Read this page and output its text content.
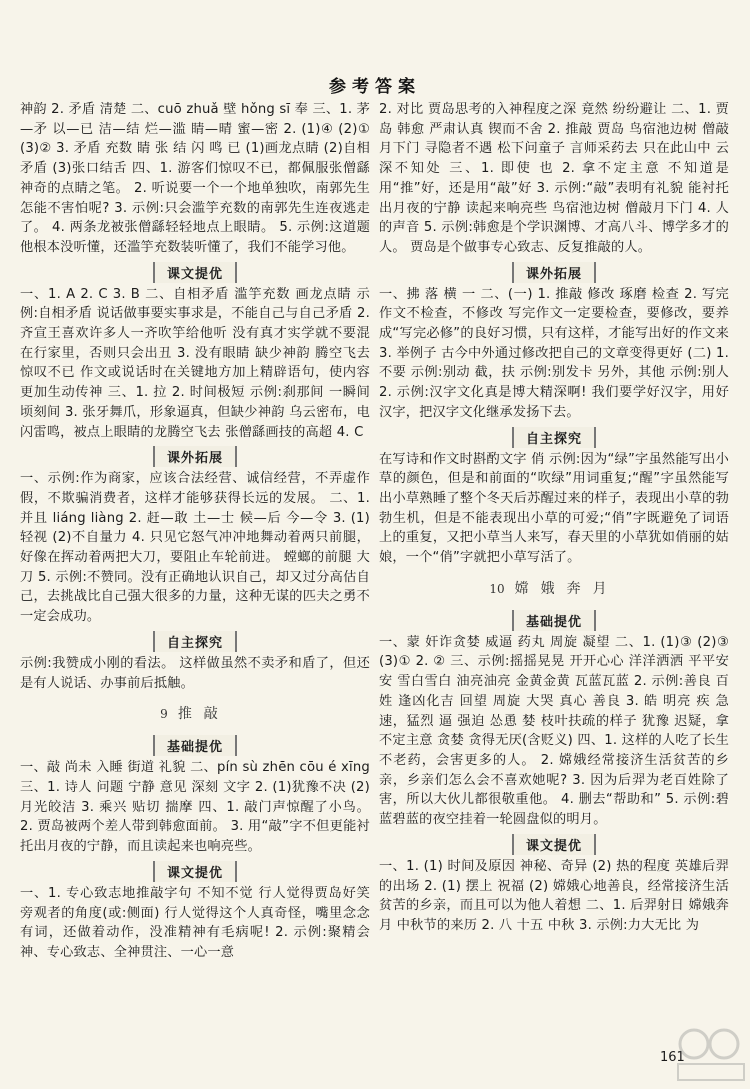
参考答案

神韵 2. 矛盾 清楚 二、cuō zhuǎ 壁 hǒng sī 奉 三、1. 茅—矛 以—已 洁—结 烂—滥 睛—晴 蜜—密 2. (1)④ (2)① (3)② 3. 矛盾 充数 睛 张 结 闪 鸣 已 (1)画龙点睛 (2)自相矛盾 (3)张口结舌 四、1. 游客们惊叹不已，都佩服张僧繇神奇的点睛之笔。 2. 听说要一个一个地单独吹，南郭先生怎能不害怕呢? 3. 示例:只会滥竽充数的南郭先生连夜逃走了。 4. 两条龙被张僧繇轻轻地点上眼睛。 5. 示例:这道题他根本没听懂，还滥竽充数装听懂了，我们不能学习他。

课文提优

一、1. A 2. C 3. B 二、自相矛盾 滥竽充数 画龙点睛 示例:自相矛盾 说话做事要实事求是，不能自己与自己矛盾 2. 齐宣王喜欢许多人一齐吹竽给他听 没有真才实学就不要混在行家里，否则只会出丑 3. 没有眼睛 缺少神韵 腾空飞去 惊叹不已 作文或说话时在关键地方加上精辟语句，使内容更加生动传神 三、1. 拉 2. 时间极短 示例:刹那间 一瞬间 顷刻间 3. 张牙舞爪，形象逼真，但缺少神韵 乌云密布，电闪雷鸣，被点上眼睛的龙腾空飞去 张僧繇画技的高超 4. C

课外拓展

一、示例:作为商家，应该合法经营、诚信经营，不弄虚作假，不欺骗消费者，这样才能够获得长远的发展。 二、1. 并且 liáng liàng 2. 赶—敢 土—士 候—后 今—令 3. (1)轻视 (2)不自量力 4. 只见它怒气冲冲地舞动着两只前腿，好像在挥动着两把大刀，要阻止车轮前进。 螳螂的前腿 大刀 5. 示例:不赞同。没有正确地认识自己，却又过分高估自己，去挑战比自己强大很多的力量，这种无谋的匹夫之勇不一定会成功。

自主探究

示例:我赞成小刚的看法。 这样做虽然不卖矛和盾了，但还是有人说话、办事前后抵触。

9 推敲
基础提优

一、敲 尚未 入睡 街道 礼貌 二、pín sù zhēn cōu é xīng 三、1. 诗人 问题 宁静 意见 深刻 文字 2. (1)犹豫不决 (2)月光皎洁 3. 乘兴 贴切 揣摩 四、1. 敲门声惊醒了小鸟。 2. 贾岛被两个差人带到韩愈面前。 3. 用“敲”字不但更能衬托出月夜的宁静，而且读起来也响亮些。

课文提优

一、1. 专心致志地推敲字句 不知不觉 行人觉得贾岛好笑 旁观者的角度(或:侧面) 行人觉得这个人真奇怪，嘴里念念有词，还做着动作，没准精神有毛病呢! 2. 示例:聚精会神、专心致志、全神贯注、一心一意

2. 对比 贾岛思考的入神程度之深 竟然 纷纷避让 二、1. 贾岛 韩愈 严肃认真 锲而不舍 2. 推敲 贾岛 鸟宿池边树 僧敲月下门 寻隐者不遇 松下问童子 言师采药去 只在此山中 云深不知处 三、1. 即使 也 2. 拿不定主意 不知道是用“推”好，还是用“敲”好 3. 示例:“敲”表明有礼貌 能衬托出月夜的宁静 读起来响亮些 鸟宿池边树 僧敲月下门 4. 人的声音 5. 示例:韩愈是个学识渊博、才高八斗、博学多才的人。 贾岛是个做事专心致志、反复推敲的人。

课外拓展

一、拂 落 横 一 二、(一) 1. 推敲 修改 琢磨 检查 2. 写完作文不检查，不修改 写完作文一定要检查，要修改，要养成“写完必修”的良好习惯，只有这样，才能写出好的作文来 3. 举例子 古今中外通过修改把自己的文章变得更好 (二) 1. 不要 示例:别动 截，扶 示例:别发卡 另外，其他 示例:别人 2. 示例:汉字文化真是博大精深啊! 我们要学好汉字，用好汉字，把汉字文化继承发扬下去。

自主探究

在写诗和作文时斟酌文字 俏 示例:因为“绿”字虽然能写出小草的颜色，但是和前面的“吹绿”用词重复;“醒”字虽然能写出小草熟睡了整个冬天后苏醒过来的样子，表现出小草的勃勃生机，但是不能表现出小草的可爱;“俏”字既避免了词语上的重复，又把小草当人来写，春天里的小草犹如俏丽的姑娘，一个“俏”字就把小草写活了。

10 嫦娥奔月
基础提优

一、蒙 奸诈贪婪 威逼 药丸 周旋 凝望 二、1. (1)③ (2)③ (3)① 2. ② 三、示例:摇摇晃晃 开开心心 洋洋洒洒 平平安安 雪白雪白 油亮油亮 金黄金黄 瓦蓝瓦蓝 2. 示例:善良 百姓 逢凶化吉 回望 周旋 大哭 真心 善良 3. 皓 明亮 疾 急速，猛烈 逼 强迫 怂恿 婪 枝叶扶疏的样子 犹豫 迟疑，拿不定主意 贪婪 贪得无厌(含贬义) 四、1. 这样的人吃了长生不老药，会害更多的人。 2. 嫦娥经常接济生活贫苦的乡亲，乡亲们怎么会不喜欢她呢? 3. 因为后羿为老百姓除了害，所以大伙儿都很敬重他。 4. 删去“帮助和” 5. 示例:碧蓝碧蓝的夜空挂着一轮圆盘似的明月。

课文提优

一、1. (1) 时间及原因 神秘、奇异 (2) 热的程度 英雄后羿的出场 2. (1) 摆上 祝福 (2) 嫦娥心地善良，经常接济生活贫苦的乡亲，而且可以为他人着想 二、1. 后羿射日 嫦娥奔月 中秋节的来历 2. 八 十五 中秋 3. 示例:力大无比 为

161
